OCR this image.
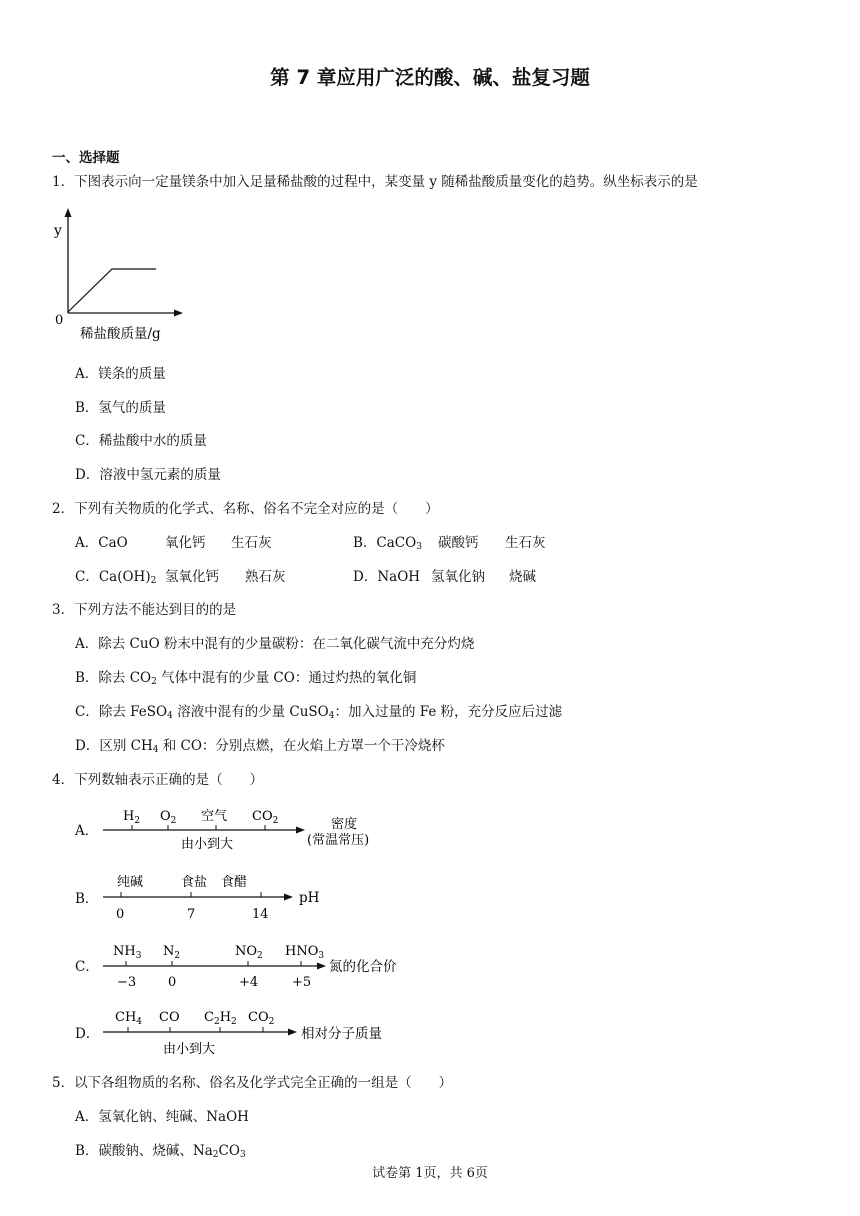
第 7 章应用广泛的酸、碱、盐复习题
一、选择题
1．下图表示向一定量镁条中加入足量稀盐酸的过程中，某变量 y 随稀盐酸质量变化的趋势。纵坐标表示的是
y
0
稀盐酸质量/g
A．镁条的质量
B．氢气的质量
C．稀盐酸中水的质量
D．溶液中氢元素的质量
2．下列有关物质的化学式、名称、俗名不完全对应的是（　　）
A．CaO	氧化钙 生石灰	B．CaCO$_3$ 碳酸钙 生石灰
C．$Ca(OH)_2$ 氢氧化钙 熟石灰	D．NaOH 氢氧化钠 烧碱
3．下列方法不能达到目的的是
A．除去 CuO 粉末中混有的少量碳粉：在二氧化碳气流中充分灼烧
B．除去 $CO_2$ 气体中混有的少量 CO：通过灼热的氧化铜
C．除去 FeSO$_4$ 溶液中混有的少量 CuSO$_4$：加入过量的 Fe 粉，充分反应后过滤
D．区别 $CH_4$ 和 CO：分别点燃，在火焰上方罩一个干冷烧杯
4．下列数轴表示正确的是（　　）
A．
$H_2$ $O_2$ 空气 $CO_2$
由小到大
密度
(常温常压)
B．
纯碱	食盐 食醋
0	7	14
pH
C．
$NH_3$ $N_2$	$NO_2$ $HNO_3$
−3 0	+4	+5
氮的化合价
D．
$CH_4$ CO $C_2H_2$ $CO_2$
由小到大
相对分子质量
5．以下各组物质的名称、俗名及化学式完全正确的一组是（　　）
A．氢氧化钠、纯碱、NaOH
B．碳酸钠、烧碱、$Na_2CO_3$
试卷第 1页，共 6页
